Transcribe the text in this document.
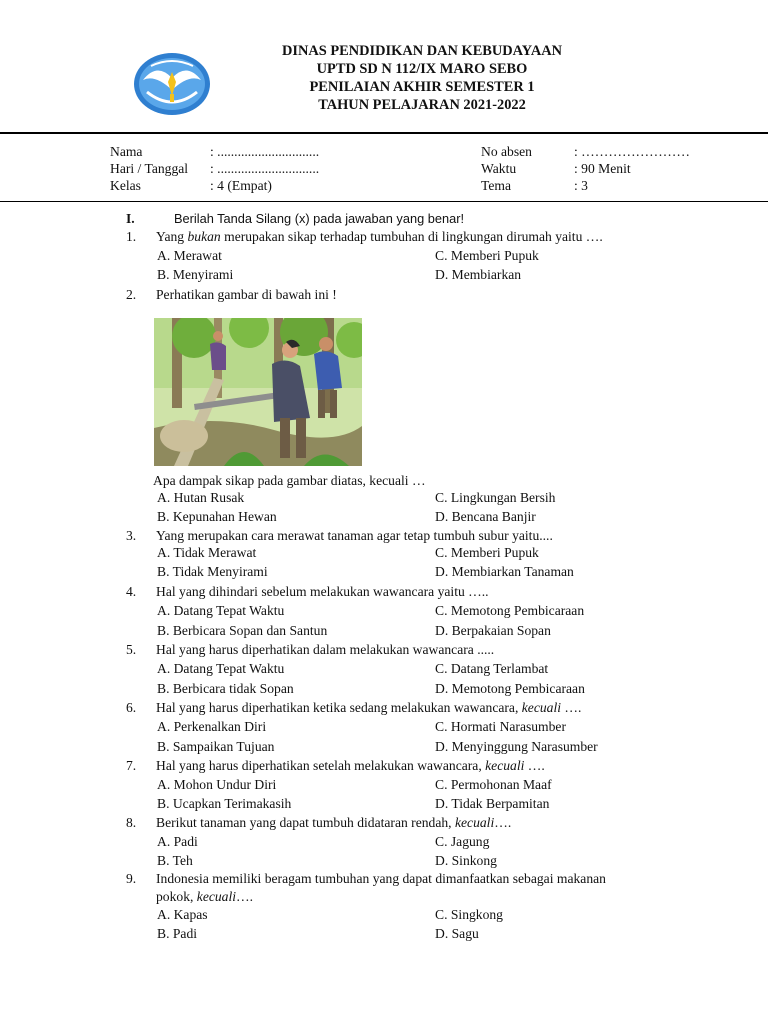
DINAS PENDIDIKAN DAN KEBUDAYAAN
UPTD SD N 112/IX MARO SEBO
PENILAIAN AKHIR SEMESTER 1
TAHUN PELAJARAN 2021-2022
Nama	: ..............................
Hari / Tanggal : ..............................
Kelas	: 4 (Empat)
No absen	: ……………………
Waktu	: 90 Menit
Tema	: 3
I.	Berilah Tanda Silang (x) pada jawaban yang benar!
1. Yang bukan merupakan sikap terhadap tumbuhan di lingkungan dirumah yaitu ….
A. Merawat	C. Memberi Pupuk
B. Menyirami	D. Membiarkan
2. Perhatikan gambar di bawah ini !
Apa dampak sikap pada gambar diatas, kecuali …
A. Hutan Rusak	C. Lingkungan Bersih
B. Kepunahan Hewan	D. Bencana Banjir
3. Yang merupakan cara merawat tanaman agar tetap tumbuh subur yaitu....
A. Tidak Merawat	C. Memberi Pupuk
B. Tidak Menyirami	D. Membiarkan Tanaman
4. Hal yang dihindari sebelum melakukan wawancara yaitu …..
A. Datang Tepat Waktu	C. Memotong Pembicaraan
B. Berbicara Sopan dan Santun	D. Berpakaian Sopan
5. Hal yang harus diperhatikan dalam melakukan wawancara .....
A. Datang Tepat Waktu	C. Datang Terlambat
B. Berbicara tidak Sopan	D. Memotong Pembicaraan
6. Hal yang harus diperhatikan ketika sedang melakukan wawancara, kecuali ….
A. Perkenalkan Diri	C. Hormati Narasumber
B. Sampaikan Tujuan	D. Menyinggung Narasumber
7. Hal yang harus diperhatikan setelah melakukan wawancara, kecuali ….
A. Mohon Undur Diri	C. Permohonan Maaf
B. Ucapkan Terimakasih	D. Tidak Berpamitan
8. Berikut tanaman yang dapat tumbuh didataran rendah, kecuali….
A. Padi	C. Jagung
B. Teh	D. Sinkong
9. Indonesia memiliki beragam tumbuhan yang dapat dimanfaatkan sebagai makanan
pokok, kecuali….
A. Kapas	C. Singkong
B. Padi	D. Sagu
